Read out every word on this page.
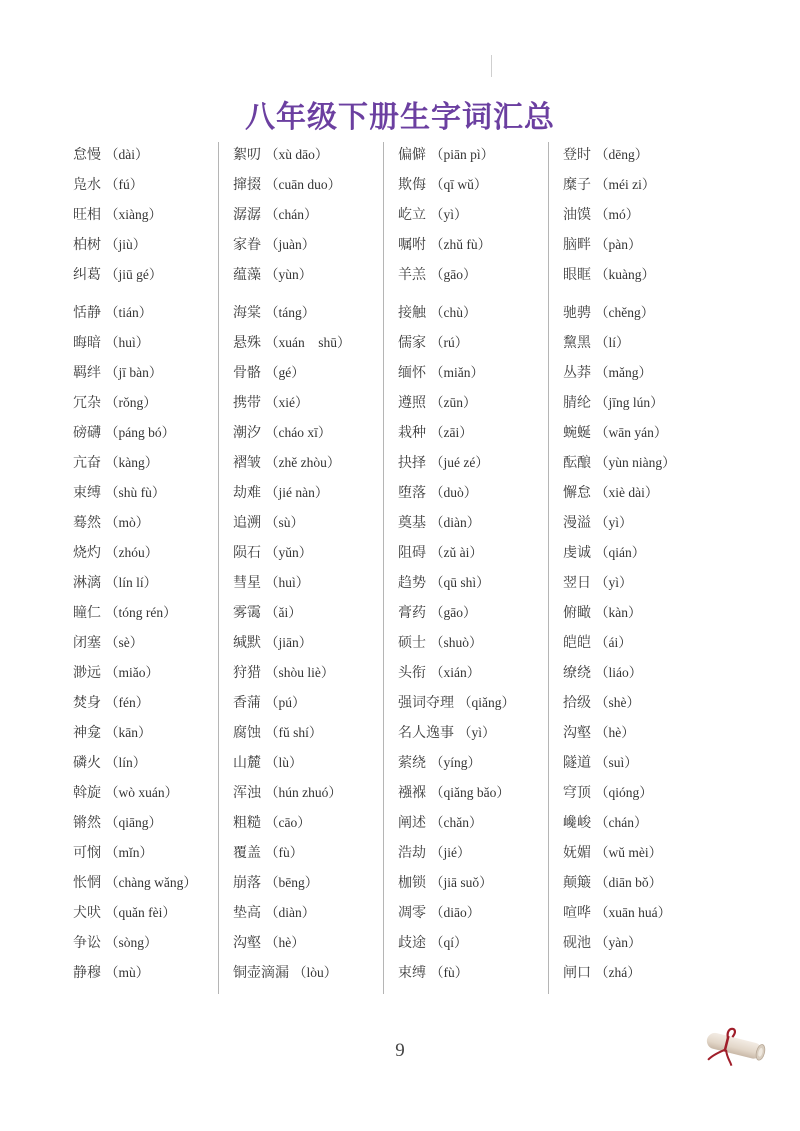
八年级下册生字词汇总
怠慢 （dài）
凫水 （fú）
旺相 （xiàng）
柏树 （jiù）
纠葛 （jiū gé）
恬静 （tián）
晦暗 （huì）
羁绊 （jī bàn）
冗杂 （rǒng）
磅礴 （páng bó）
亢奋 （kàng）
束缚 （shù fù）
蓦然 （mò）
烧灼 （zhóu）
淋漓 （lín lí）
瞳仁 （tóng rén）
闭塞 （sè）
渺远 （miǎo）
焚身 （fén）
神龛 （kān）
磷火 （lín）
斡旋 （wò xuán）
锵然 （qiāng）
可悯 （mǐn）
怅惘 （chàng wǎng）
犬吠 （quǎn fèi）
争讼 （sòng）
静穆 （mù）
絮叨 （xù dāo）
撺掇 （cuān duo）
潺潺 （chán）
家眷 （juàn）
蕴藻 （yùn）
海棠 （táng）
悬殊 （xuán　shū）
骨骼 （gé）
携带 （xié）
潮汐 （cháo xī）
褶皱 （zhě zhòu）
劫难 （jié nàn）
追溯 （sù）
陨石 （yǔn）
彗星 （huì）
雾霭 （ǎi）
缄默 （jiān）
狩猎 （shòu liè）
香蒲 （pú）
腐蚀 （fǔ shí）
山麓 （lù）
浑浊 （hún zhuó）
粗糙 （cāo）
覆盖 （fù）
崩落 （bēng）
垫高 （diàn）
沟壑 （hè）
铜壶滴漏 （lòu）
偏僻 （piān pì）
欺侮 （qī wǔ）
屹立 （yì）
嘱咐 （zhǔ fù）
羊羔 （gāo）
接触 （chù）
儒家 （rú）
缅怀 （miǎn）
遵照 （zūn）
栽种 （zāi）
抉择 （jué zé）
堕落 （duò）
奠基 （diàn）
阻碍 （zǔ ài）
趋势 （qū shì）
膏药 （gāo）
硕士 （shuò）
头衔 （xián）
强词夺理 （qiǎng）
名人逸事 （yì）
萦绕 （yíng）
襁褓 （qiǎng bǎo）
阐述 （chǎn）
浩劫 （jié）
枷锁 （jiā suǒ）
凋零 （diāo）
歧途 （qí）
束缚 （fù）
登时 （dēng）
糜子 （méi zi）
油馍 （mó）
脑畔 （pàn）
眼眶 （kuàng）
驰骋 （chěng）
黧黑 （lí）
丛莽 （mǎng）
腈纶 （jīng lún）
蜿蜒 （wān yán）
酝酿 （yùn niàng）
懈怠 （xiè dài）
漫溢 （yì）
虔诚 （qián）
翌日 （yì）
俯瞰 （kàn）
皑皑 （ái）
缭绕 （liáo）
拾级 （shè）
沟壑 （hè）
隧道 （suì）
穹顶 （qióng）
巉峻 （chán）
妩媚 （wǔ mèi）
颠簸 （diān bǒ）
喧哗 （xuān huá）
砚池 （yàn）
闸口 （zhá）
9
